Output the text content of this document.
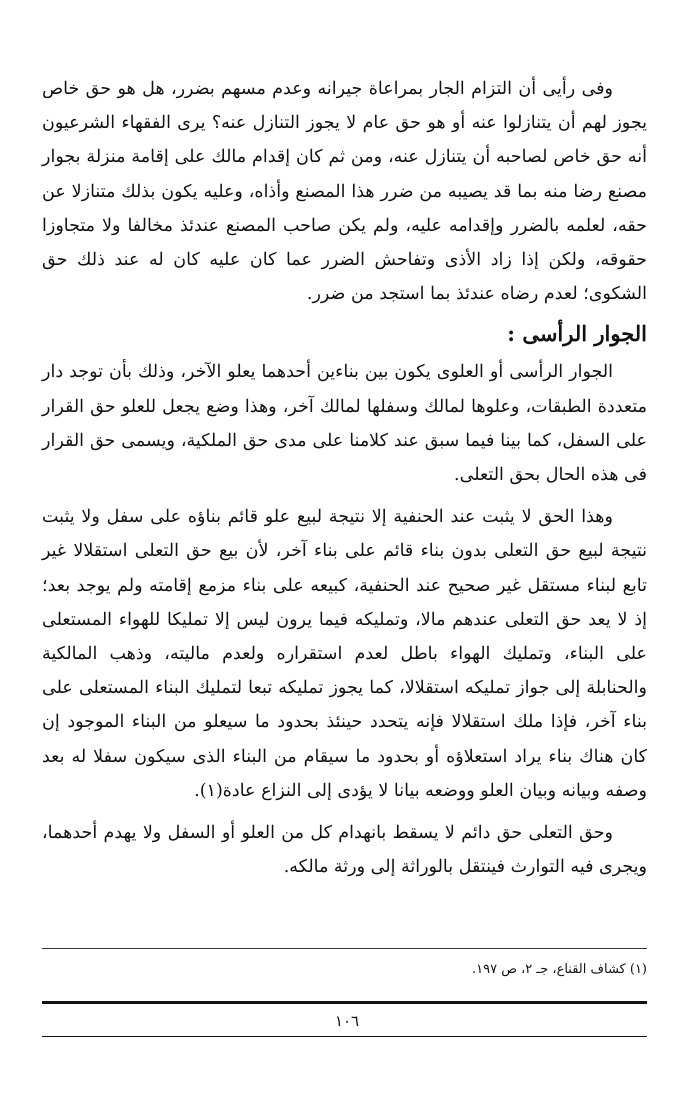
وفى رأيى أن التزام الجار بمراعاة جيرانه وعدم مسهم بضرر، هل هو حق خاص يجوز لهم أن يتنازلوا عنه أو هو حق عام لا يجوز التنازل عنه؟ يرى الفقهاء الشرعيون أنه حق خاص لصاحبه أن يتنازل عنه، ومن ثم كان إقدام مالك على إقامة منزلة بجوار مصنع رضا منه بما قد يصيبه من ضرر هذا المصنع وأذاه، وعليه يكون بذلك متنازلا عن حقه، لعلمه بالضرر وإقدامه عليه، ولم يكن صاحب المصنع عندئذ مخالفا ولا متجاوزا حقوقه، ولكن إذا زاد الأذى وتفاحش الضرر عما كان عليه كان له عند ذلك حق الشكوى؛ لعدم رضاه عندئذ بما استجد من ضرر.

الجوار الرأسى :

الجوار الرأسى أو العلوى يكون بين بناءين أحدهما يعلو الآخر، وذلك بأن توجد دار متعددة الطبقات، وعلوها لمالك وسفلها لمالك آخر، وهذا وضع يجعل للعلو حق القرار على السفل، كما بينا فيما سبق عند كلامنا على مدى حق الملكية، ويسمى حق القرار فى هذه الحال بحق التعلى.

وهذا الحق لا يثبت عند الحنفية إلا نتيجة لبيع علو قائم بناؤه على سفل ولا يثبت نتيجة لبيع حق التعلى بدون بناء قائم على بناء آخر، لأن بيع حق التعلى استقلالا غير تابع لبناء مستقل غير صحيح عند الحنفية، كبيعه على بناء مزمع إقامته ولم يوجد بعد؛ إذ لا يعد حق التعلى عندهم مالا، وتمليكه فيما يرون ليس إلا تمليكا للهواء المستعلى على البناء، وتمليك الهواء باطل لعدم استقراره ولعدم ماليته، وذهب المالكية والحنابلة إلى جواز تمليكه استقلالا، كما يجوز تمليكه تبعا لتمليك البناء المستعلى على بناء آخر، فإذا ملك استقلالا فإنه يتحدد حينئذ بحدود ما سيعلو من البناء الموجود إن كان هناك بناء يراد استعلاؤه أو بحدود ما سيقام من البناء الذى سيكون سفلا له بعد وصفه وبيانه وبيان العلو ووضعه بيانا لا يؤدى إلى النزاع عادة(١).

وحق التعلى حق دائم لا يسقط بانهدام كل من العلو أو السفل ولا يهدم أحدهما، ويجرى فيه التوارث فينتقل بالوراثة إلى ورثة مالكه.

(١) كشاف القناع، جـ ٢، ص ١٩٧.

١٠٦
